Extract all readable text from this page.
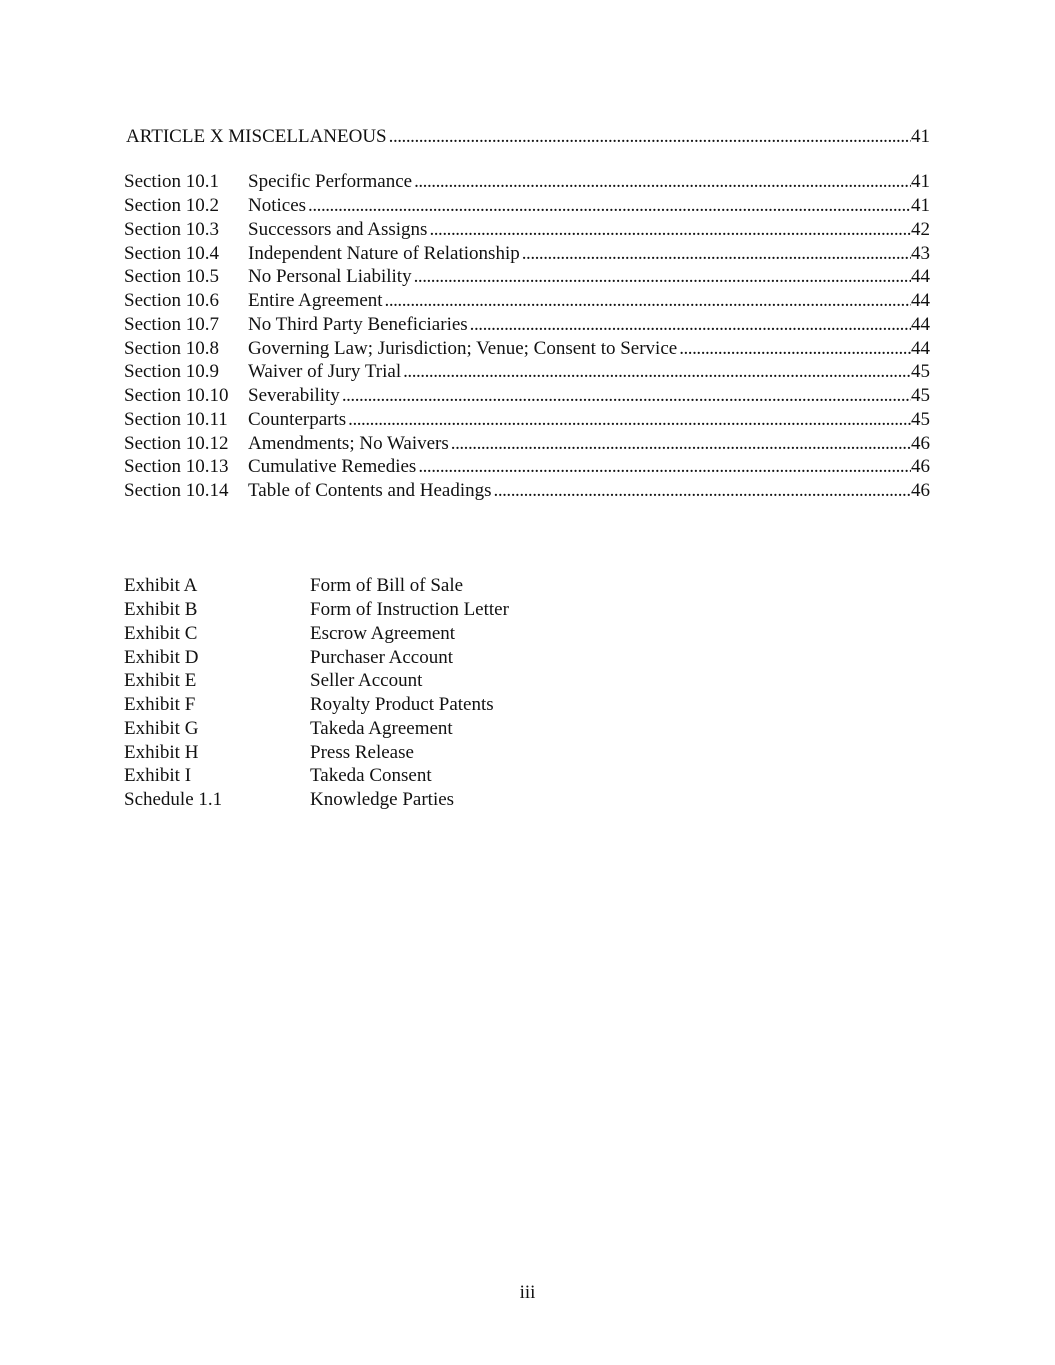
ARTICLE X MISCELLANEOUS . . .	41
Section 10.1	Specific Performance . . .	41
Section 10.2	Notices . . .	41
Section 10.3	Successors and Assigns . . .	42
Section 10.4	Independent Nature of Relationship . . .	43
Section 10.5	No Personal Liability . . .	44
Section 10.6	Entire Agreement . . .	44
Section 10.7	No Third Party Beneficiaries . . .	44
Section 10.8	Governing Law; Jurisdiction; Venue; Consent to Service . . .	44
Section 10.9	Waiver of Jury Trial . . .	45
Section 10.10	Severability . . .	45
Section 10.11	Counterparts . . .	45
Section 10.12	Amendments; No Waivers . . .	46
Section 10.13	Cumulative Remedies . . .	46
Section 10.14	Table of Contents and Headings . . .	46
Exhibit A	Form of Bill of Sale
Exhibit B	Form of Instruction Letter
Exhibit C	Escrow Agreement
Exhibit D	Purchaser Account
Exhibit E	Seller Account
Exhibit F	Royalty Product Patents
Exhibit G	Takeda Agreement
Exhibit H	Press Release
Exhibit I	Takeda Consent
Schedule 1.1	Knowledge Parties
iii
